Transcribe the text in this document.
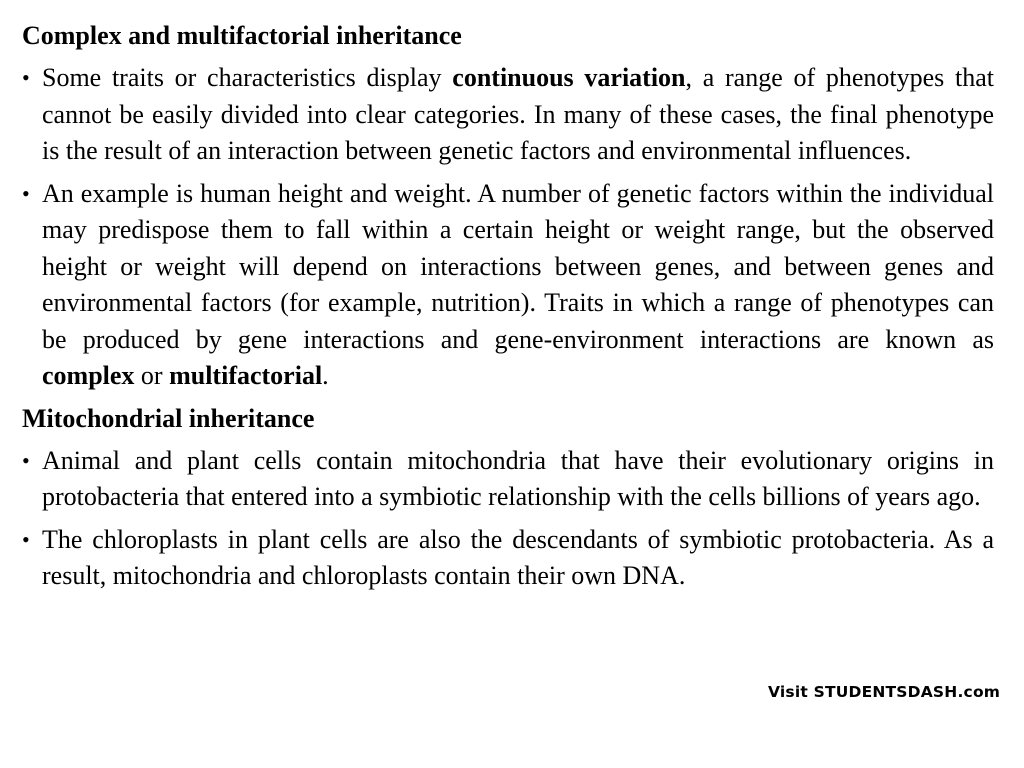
Complex and multifactorial inheritance
• Some traits or characteristics display continuous variation, a range of phenotypes that cannot be easily divided into clear categories. In many of these cases, the final phenotype is the result of an interaction between genetic factors and environmental influences.
• An example is human height and weight. A number of genetic factors within the individual may predispose them to fall within a certain height or weight range, but the observed height or weight will depend on interactions between genes, and between genes and environmental factors (for example, nutrition). Traits in which a range of phenotypes can be produced by gene interactions and gene-environment interactions are known as complex or multifactorial.
Mitochondrial inheritance
• Animal and plant cells contain mitochondria that have their evolutionary origins in protobacteria that entered into a symbiotic relationship with the cells billions of years ago.
• The chloroplasts in plant cells are also the descendants of symbiotic protobacteria. As a result, mitochondria and chloroplasts contain their own DNA.
Visit STUDENTSDASH.com
